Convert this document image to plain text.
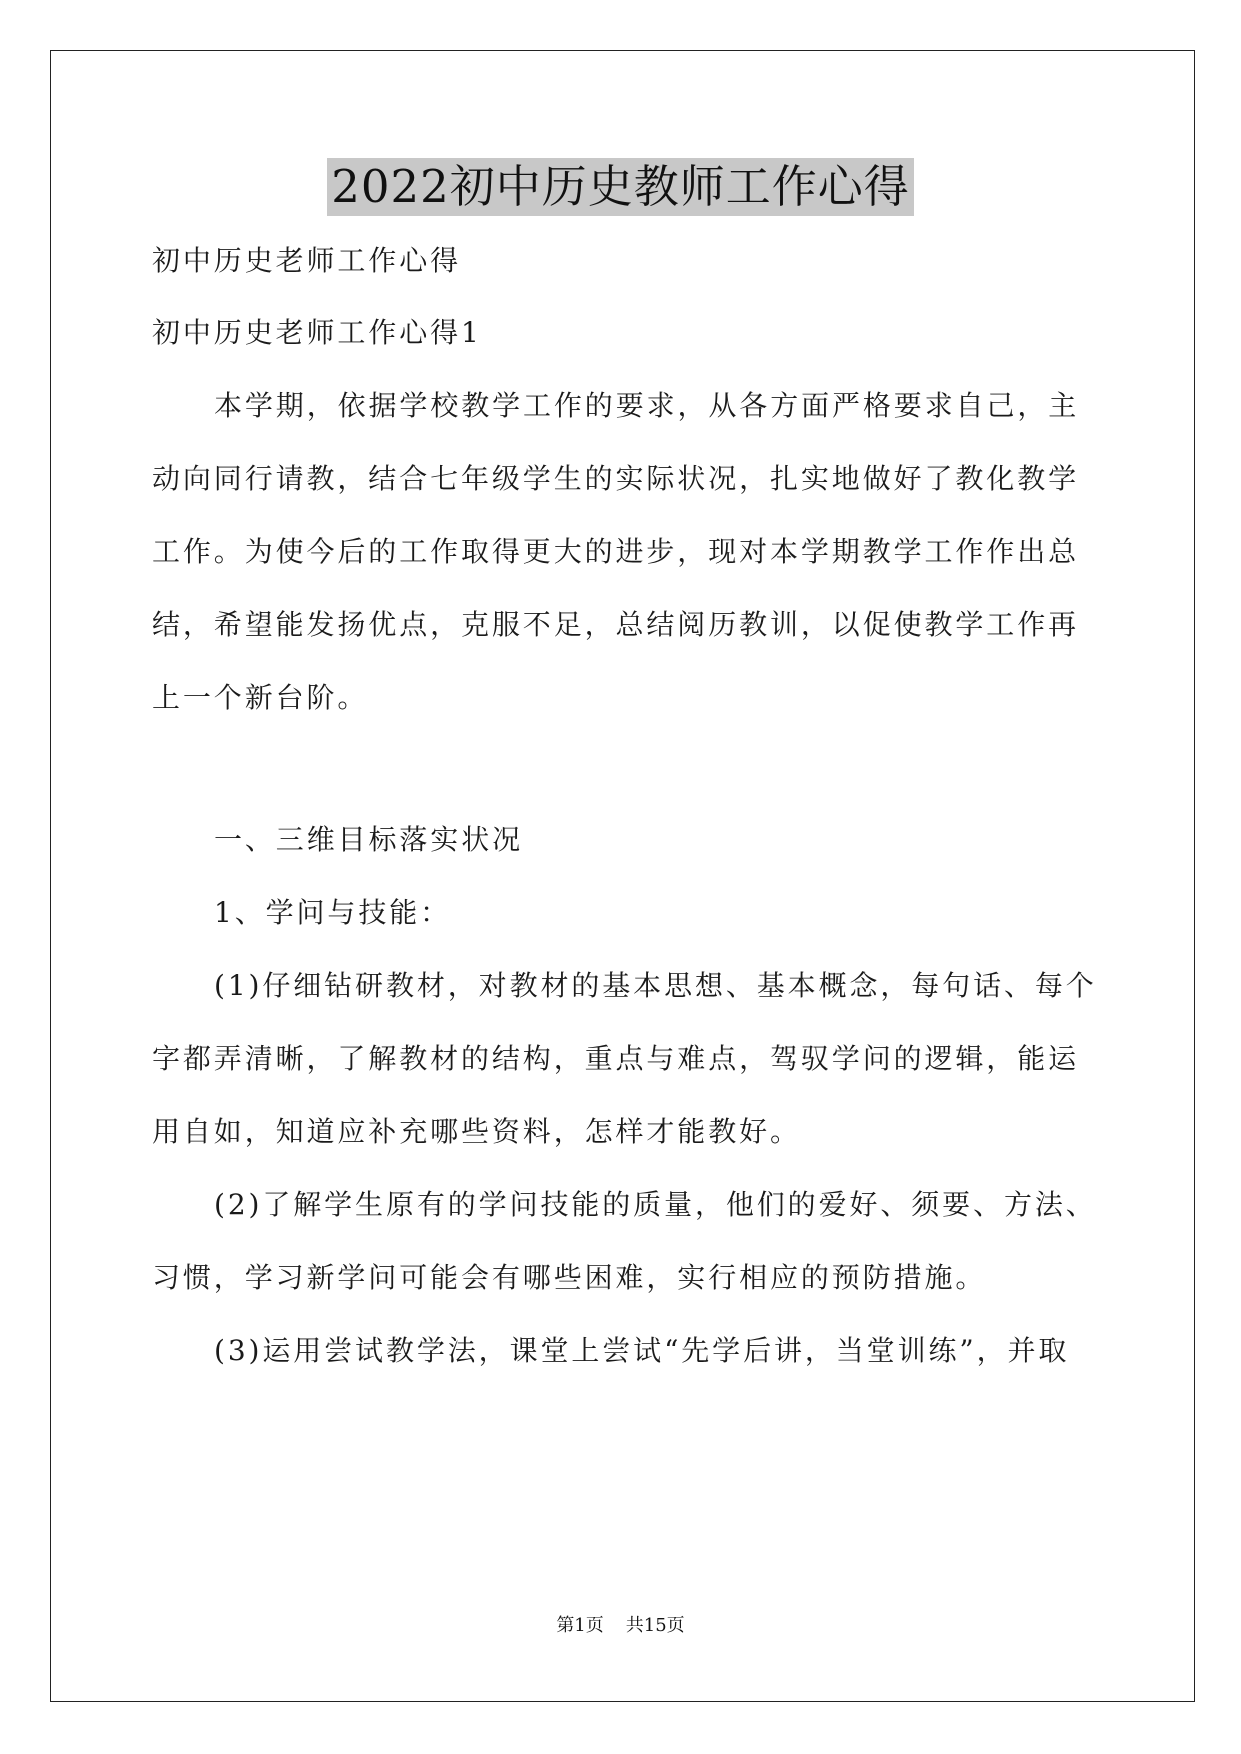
2022初中历史教师工作心得
初中历史老师工作心得
初中历史老师工作心得1
本学期，依据学校教学工作的要求，从各方面严格要求自己，主
动向同行请教，结合七年级学生的实际状况，扎实地做好了教化教学
工作。为使今后的工作取得更大的进步，现对本学期教学工作作出总
结，希望能发扬优点，克服不足，总结阅历教训，以促使教学工作再
上一个新台阶。
一、三维目标落实状况
1、学问与技能：
(1)仔细钻研教材，对教材的基本思想、基本概念，每句话、每个
字都弄清晰，了解教材的结构，重点与难点，驾驭学问的逻辑，能运
用自如，知道应补充哪些资料，怎样才能教好。
(2)了解学生原有的学问技能的质量，他们的爱好、须要、方法、
习惯，学习新学问可能会有哪些困难，实行相应的预防措施。
(3)运用尝试教学法，课堂上尝试“先学后讲，当堂训练”，并取
第1页 共15页
